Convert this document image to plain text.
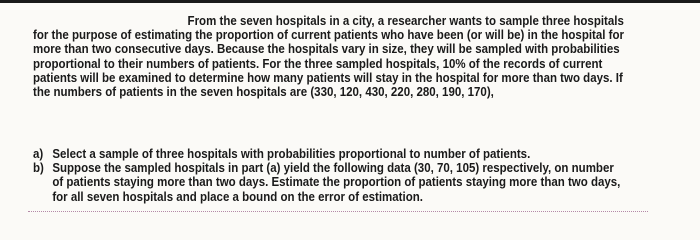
From the seven hospitals in a city, a researcher wants to sample three hospitals
for the purpose of estimating the proportion of current patients who have been (or will be) in the hospital for
more than two consecutive days. Because the hospitals vary in size, they will be sampled with probabilities
proportional to their numbers of patients. For the three sampled hospitals, 10% of the records of current
patients will be examined to determine how many patients will stay in the hospital for more than two days. If
the numbers of patients in the seven hospitals are (330, 120, 430, 220, 280, 190, 170),
a) Select a sample of three hospitals with probabilities proportional to number of patients.
b) Suppose the sampled hospitals in part (a) yield the following data (30, 70, 105) respectively, on number
of patients staying more than two days. Estimate the proportion of patients staying more than two days,
for all seven hospitals and place a bound on the error of estimation.
